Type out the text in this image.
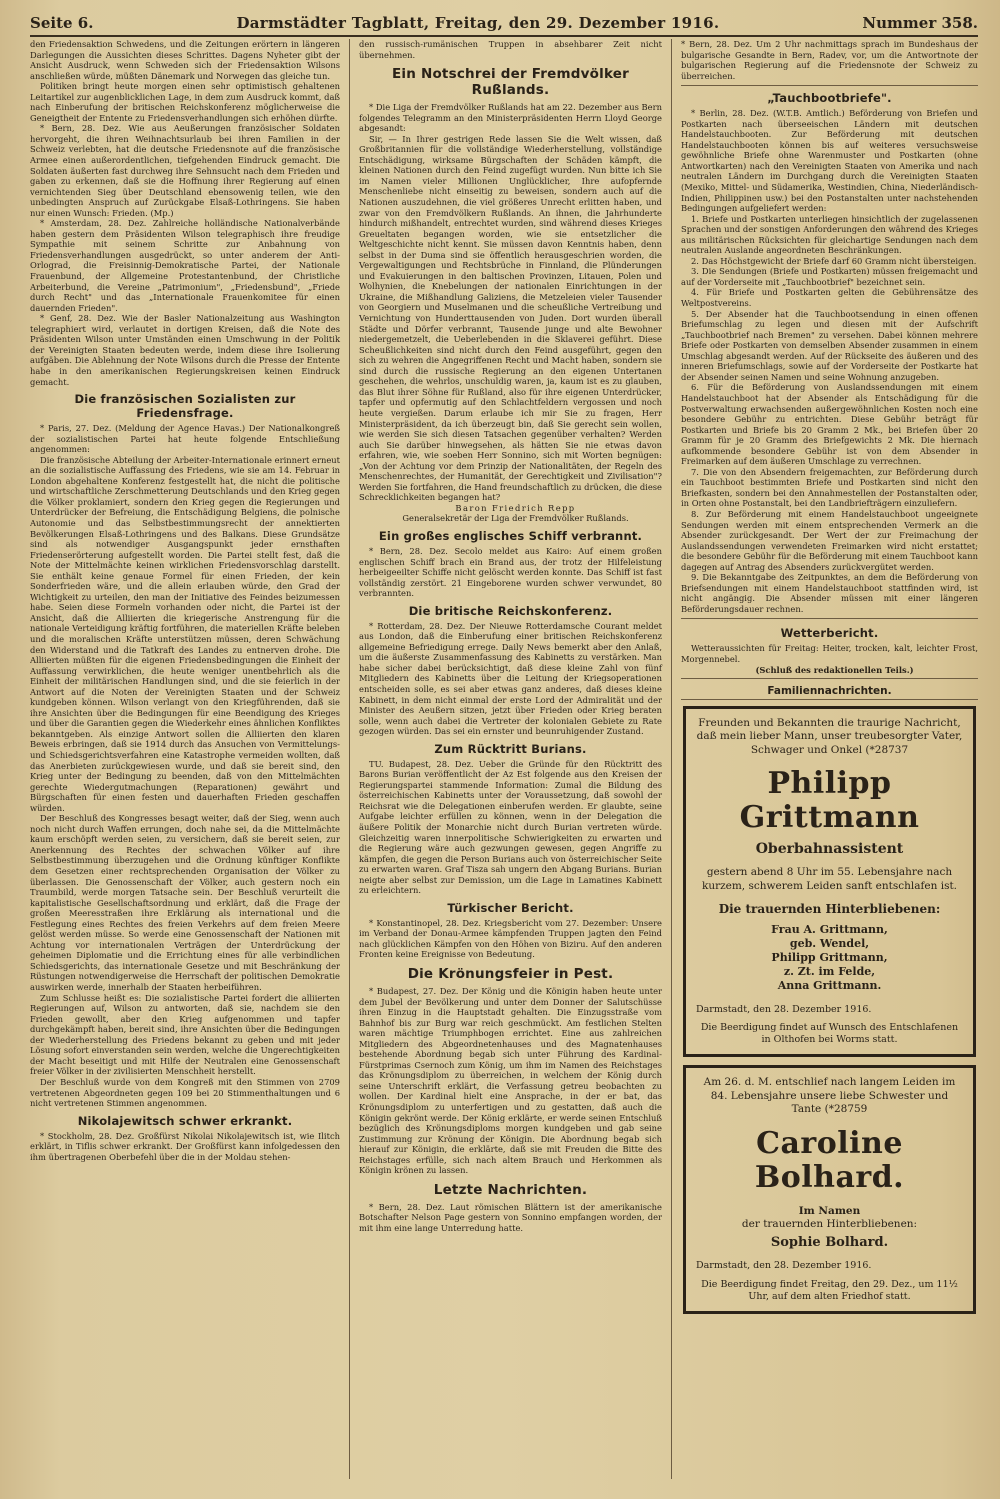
Seite 6.	Darmstädter Tagblatt, Freitag, den 29. Dezember 1916.	Nummer 358.

den Friedensaktion Schwedens, und die Zeitungen erörtern in längeren Darlegungen die Aussichten dieses Schrittes. Dagens Nyheter gibt der Ansicht Ausdruck, wenn Schweden sich der Friedensaktion Wilsons anschließen würde, müßten Dänemark und Norwegen das gleiche tun.

Politiken bringt heute morgen einen sehr optimistisch gehaltenen Leitartikel zur augenblicklichen Lage, in dem zum Ausdruck kommt, daß nach Einberufung der britischen Reichskonferenz möglicherweise die Geneigtheit der Entente zu Friedensverhandlungen sich erhöhen dürfte.

* Bern, 28. Dez. Wie aus Aeußerungen französischer Soldaten hervorgeht, die ihren Weihnachtsurlaub bei ihren Familien in der Schweiz verlebten, hat die deutsche Friedensnote auf die französische Armee einen außerordentlichen, tiefgehenden Eindruck gemacht. Die Soldaten äußerten fast durchweg ihre Sehnsucht nach dem Frieden und gaben zu erkennen, daß sie die Hoffnung ihrer Regierung auf einen vernichtenden Sieg über Deutschland ebensowenig teilen, wie den unbedingten Anspruch auf Zurückgabe Elsaß-Lothringens. Sie haben nur einen Wunsch: Frieden. (Mp.)

* Amsterdam, 28. Dez. Zahlreiche holländische Nationalverbände haben gestern dem Präsidenten Wilson telegraphisch ihre freudige Sympathie mit seinem Schritte zur Anbahnung von Friedensverhandlungen ausgedrückt, so unter anderem der Anti-Orlograd, die Freisinnig-Demokratische Partei, der Nationale Frauenbund, der Allgemeine Protestantenbund, der Christliche Arbeiterbund, die Vereine „Patrimonium", „Friedensbund", „Friede durch Recht" und das „Internationale Frauenkomitee für einen dauernden Frieden".

* Genf, 28. Dez. Wie der Basler Nationalzeitung aus Washington telegraphiert wird, verlautet in dortigen Kreisen, daß die Note des Präsidenten Wilson unter Umständen einen Umschwung in der Politik der Vereinigten Staaten bedeuten werde, indem diese ihre Isolierung aufgäben. Die Ablehnung der Note Wilsons durch die Presse der Entente habe in den amerikanischen Regierungskreisen keinen Eindruck gemacht.

Die französischen Sozialisten zur Friedensfrage.

* Paris, 27. Dez. (Meldung der Agence Havas.) Der Nationalkongreß der sozialistischen Partei hat heute folgende Entschließung angenommen:

Die französische Abteilung der Arbeiter-Internationale erinnert erneut an die sozialistische Auffassung des Friedens, wie sie am 14. Februar in London abgehaltene Konferenz festgestellt hat, die nicht die politische und wirtschaftliche Zerschmetterung Deutschlands und den Krieg gegen die Völker proklamiert, sondern den Krieg gegen die Regierungen und Unterdrücker der Befreiung, die Entschädigung Belgiens, die polnische Autonomie und das Selbstbestimmungsrecht der annektierten Bevölkerungen Elsaß-Lothringens und des Balkans. Diese Grundsätze sind als notwendiger Ausgangspunkt jeder ernsthaften Friedenserörterung aufgestellt worden. Die Partei stellt fest, daß die Note der Mittelmächte keinen wirklichen Friedensvorschlag darstellt. Sie enthält keine genaue Formel für einen Frieden, der kein Sonderfrieden wäre, und die allein erlauben würde, den Grad der Wichtigkeit zu urteilen, den man der Initiative des Feindes beizumessen habe. Seien diese Formeln vorhanden oder nicht, die Partei ist der Ansicht, daß die Alliierten die kriegerische Anstrengung für die nationale Verteidigung kräftig fortführen, die materiellen Kräfte beleben und die moralischen Kräfte unterstützen müssen, deren Schwächung den Widerstand und die Tatkraft des Landes zu entnerven drohe. Die Alliierten müßten für die eigenen Friedensbedingungen die Einheit der Auffassung verwirklichen, die heute weniger unentbehrlich als die Einheit der militärischen Handlungen sind, und die sie feierlich in der Antwort auf die Noten der Vereinigten Staaten und der Schweiz kundgeben können. Wilson verlangt von den Kriegführenden, daß sie ihre Ansichten über die Bedingungen für eine Beendigung des Krieges und über die Garantien gegen die Wiederkehr eines ähnlichen Konfliktes bekanntgeben. Als einzige Antwort sollen die Alliierten den klaren Beweis erbringen, daß sie 1914 durch das Ansuchen von Vermittelungs- und Schiedsgerichtsverfahren eine Katastrophe vermeiden wollten, daß das Anerbieten zurückgewiesen wurde, und daß sie bereit sind, den Krieg unter der Bedingung zu beenden, daß von den Mittelmächten gerechte Wiedergutmachungen (Reparationen) gewährt und Bürgschaften für einen festen und dauerhaften Frieden geschaffen würden.

Der Beschluß des Kongresses besagt weiter, daß der Sieg, wenn auch noch nicht durch Waffen errungen, doch nahe sei, da die Mittelmächte kaum erschöpft werden seien, zu versichern, daß sie bereit seien, zur Anerkennung des Rechtes der schwachen Völker auf ihre Selbstbestimmung überzugehen und die Ordnung künftiger Konflikte dem Gesetzen einer rechtsprechenden Organisation der Völker zu überlassen. Die Genossenschaft der Völker, auch gestern noch ein Traumbild, werde morgen Tatsache sein. Der Beschluß verurteilt die kapitalistische Gesellschaftsordnung und erklärt, daß die Frage der großen Meeresstraßen ihre Erklärung als international und die Festlegung eines Rechtes des freien Verkehrs auf dem freien Meere gelöst werden müsse. So werde eine Genossenschaft der Nationen mit Achtung vor internationalen Verträgen der Unterdrückung der geheimen Diplomatie und die Errichtung eines für alle verbindlichen Schiedsgerichts, das internationale Gesetze und mit Beschränkung der Rüstungen notwendigerweise die Herrschaft der politischen Demokratie auswirken werde, innerhalb der Staaten herbeiführen.

Zum Schlusse heißt es: Die sozialistische Partei fordert die alliierten Regierungen auf, Wilson zu antworten, daß sie, nachdem sie den Frieden gewollt, aber den Krieg aufgenommen und tapfer durchgekämpft haben, bereit sind, ihre Ansichten über die Bedingungen der Wiederherstellung des Friedens bekannt zu geben und mit jeder Lösung sofort einverstanden sein werden, welche die Ungerechtigkeiten der Macht beseitigt und mit Hilfe der Neutralen eine Genossenschaft freier Völker in der zivilisierten Menschheit herstellt.

Der Beschluß wurde von dem Kongreß mit den Stimmen von 2709 vertretenen Abgeordneten gegen 109 bei 20 Stimmenthaltungen und 6 nicht vertretenen Stimmen angenommen.

Nikolajewitsch schwer erkrankt.

* Stockholm, 28. Dez. Großfürst Nikolai Nikolajewitsch ist, wie Ilitch erklärt, in Tiflis schwer erkrankt. Der Großfürst kann infolgedessen den ihm übertragenen Oberbefehl über die in der Moldau stehen-

den russisch-rumänischen Truppen in absehbarer Zeit nicht übernehmen.

Ein Notschrei der Fremdvölker Rußlands.

* Die Liga der Fremdvölker Rußlands hat am 22. Dezember aus Bern folgendes Telegramm an den Ministerpräsidenten Herrn Lloyd George abgesandt:

Sir, — In Ihrer gestrigen Rede lassen Sie die Welt wissen, daß Großbritannien für die vollständige Wiederherstellung, vollständige Entschädigung, wirksame Bürgschaften der Schäden kämpft, die kleinen Nationen durch den Feind zugefügt wurden. Nun bitte ich Sie im Namen vieler Millionen Unglücklicher, Ihre aufopfernde Menschenliebe nicht einseitig zu beweisen, sondern auch auf die Nationen auszudehnen, die viel größeres Unrecht erlitten haben, und zwar von den Fremdvölkern Rußlands. An ihnen, die Jahrhunderte hindurch mißhandelt, entrechtet wurden, sind während dieses Krieges Greueltaten begangen worden, wie sie entsetzlicher die Weltgeschichte nicht kennt. Sie müssen davon Kenntnis haben, denn selbst in der Duma sind sie öffentlich herausgeschrien worden, die Vergewaltigungen und Rechtsbrüche in Finnland, die Plünderungen und Evakuierungen in den baltischen Provinzen, Litauen, Polen und Wolhynien, die Knebelungen der nationalen Einrichtungen in der Ukraine, die Mißhandlung Galiziens, die Metzeleien vieler Tausender von Georgiern und Muselmanen und die scheußliche Vertreibung und Vernichtung von Hunderttausenden von Juden. Dort wurden überall Städte und Dörfer verbrannt, Tausende junge und alte Bewohner niedergemetzelt, die Ueberlebenden in die Sklaverei geführt. Diese Scheußlichkeiten sind nicht durch den Feind ausgeführt, gegen den sich zu wehren die Angegriffenen Recht und Macht haben, sondern sie sind durch die russische Regierung an den eigenen Untertanen geschehen, die wehrlos, unschuldig waren, ja, kaum ist es zu glauben, das Blut ihrer Söhne für Rußland, also für ihre eigenen Unterdrücker, tapfer und opfermutig auf den Schlachtfeldern vergossen und noch heute vergießen. Darum erlaube ich mir Sie zu fragen, Herr Ministerpräsident, da ich überzeugt bin, daß Sie gerecht sein wollen, wie werden Sie sich diesen Tatsachen gegenüber verhalten? Werden auch Sie darüber hinwegsehen, als hätten Sie nie etwas davon erfahren, wie, wie soeben Herr Sonnino, sich mit Worten begnügen: „Von der Achtung vor dem Prinzip der Nationalitäten, der Regeln des Menschenrechtes, der Humanität, der Gerechtigkeit und Zivilisation"? Werden Sie fortfahren, die Hand freundschaftlich zu drücken, die diese Schrecklichkeiten begangen hat?

Baron Friedrich Repp

Generalsekretär der Liga der Fremdvölker Rußlands.

Ein großes englisches Schiff verbrannt.

* Bern, 28. Dez. Secolo meldet aus Kairo: Auf einem großen englischen Schiff brach ein Brand aus, der trotz der Hilfeleistung herbeigeeilter Schiffe nicht gelöscht werden konnte. Das Schiff ist fast vollständig zerstört. 21 Eingeborene wurden schwer verwundet, 80 verbrannten.

Die britische Reichskonferenz.

* Rotterdam, 28. Dez. Der Nieuwe Rotterdamsche Courant meldet aus London, daß die Einberufung einer britischen Reichskonferenz allgemeine Befriedigung errege. Daily News bemerkt aber den Anlaß, um die äußerste Zusammenfassung des Kabinetts zu verstärken. Man habe sicher dabei berücksichtigt, daß diese kleine Zahl von fünf Mitgliedern des Kabinetts über die Leitung der Kriegsoperationen entscheiden solle, es sei aber etwas ganz anderes, daß dieses kleine Kabinett, in dem nicht einmal der erste Lord der Admiralität und der Minister des Aeußern sitzen, jetzt über Frieden oder Krieg beraten solle, wenn auch dabei die Vertreter der kolonialen Gebiete zu Rate gezogen würden. Das sei ein ernster und beunruhigender Zustand.

Zum Rücktritt Burians.

TU. Budapest, 28. Dez. Ueber die Gründe für den Rücktritt des Barons Burian veröffentlicht der Az Est folgende aus den Kreisen der Regierungspartei stammende Information: Zumal die Bildung des österreichischen Kabinetts unter der Voraussetzung, daß sowohl der Reichsrat wie die Delegationen einberufen werden. Er glaubte, seine Aufgabe leichter erfüllen zu können, wenn in der Delegation die äußere Politik der Monarchie nicht durch Burian vertreten würde. Gleichzeitig waren innerpolitische Schwierigkeiten zu erwarten und die Regierung wäre auch gezwungen gewesen, gegen Angriffe zu kämpfen, die gegen die Person Burians auch von österreichischer Seite zu erwarten waren. Graf Tisza sah ungern den Abgang Burians. Burian neigte aber selbst zur Demission, um die Lage in Lamatines Kabinett zu erleichtern.

Türkischer Bericht.

* Konstantinopel, 28. Dez. Kriegsbericht vom 27. Dezember: Unsere im Verband der Donau-Armee kämpfenden Truppen jagten den Feind nach glücklichen Kämpfen von den Höhen von Biziru. Auf den anderen Fronten keine Ereignisse von Bedeutung.

Die Krönungsfeier in Pest.

* Budapest, 27. Dez. Der König und die Königin haben heute unter dem Jubel der Bevölkerung und unter dem Donner der Salutschüsse ihren Einzug in die Hauptstadt gehalten. Die Einzugsstraße vom Bahnhof bis zur Burg war reich geschmückt. Am festlichen Stelten waren mächtige Triumphbogen errichtet. Eine aus zahlreichen Mitgliedern des Abgeordnetenhauses und des Magnatenhauses bestehende Abordnung begab sich unter Führung des Kardinal-Fürstprimas Csernoch zum König, um ihm im Namen des Reichstages das Krönungsdiplom zu überreichen, in welchem der König durch seine Unterschrift erklärt, die Verfassung getreu beobachten zu wollen. Der Kardinal hielt eine Ansprache, in der er bat, das Krönungsdiplom zu unterfertigen und zu gestatten, daß auch die Königin gekrönt werde. Der König erklärte, er werde seinen Entschluß bezüglich des Krönungsdiploms morgen kundgeben und gab seine Zustimmung zur Krönung der Königin. Die Abordnung begab sich hierauf zur Königin, die erklärte, daß sie mit Freuden die Bitte des Reichstages erfülle, sich nach altem Brauch und Herkommen als Königin krönen zu lassen.

Letzte Nachrichten.

* Bern, 28. Dez. Laut römischen Blättern ist der amerikanische Botschafter Nelson Page gestern von Sonnino empfangen worden, der mit ihm eine lange Unterredung hatte.

* Bern, 28. Dez. Um 2 Uhr nachmittags sprach im Bundeshaus der bulgarische Gesandte in Bern, Radev, vor, um die Antwortnote der bulgarischen Regierung auf die Friedensnote der Schweiz zu überreichen.

„Tauchbootbriefe".

* Berlin, 28. Dez. (W.T.B. Amtlich.) Beförderung von Briefen und Postkarten nach überseeischen Ländern mit deutschen Handelstauchbooten. Zur Beförderung mit deutschen Handelstauchbooten können bis auf weiteres versuchsweise gewöhnliche Briefe ohne Warenmuster und Postkarten (ohne Antwortkarten) nach den Vereinigten Staaten von Amerika und nach neutralen Ländern im Durchgang durch die Vereinigten Staaten (Mexiko, Mittel- und Südamerika, Westindien, China, Niederländisch-Indien, Philippinen usw.) bei den Postanstalten unter nachstehenden Bedingungen aufgeliefert werden:

1. Briefe und Postkarten unterliegen hinsichtlich der zugelassenen Sprachen und der sonstigen Anforderungen den während des Krieges aus militärischen Rücksichten für gleichartige Sendungen nach dem neutralen Auslande angeordneten Beschränkungen.

2. Das Höchstgewicht der Briefe darf 60 Gramm nicht übersteigen.

3. Die Sendungen (Briefe und Postkarten) müssen freigemacht und auf der Vorderseite mit „Tauchbootbrief" bezeichnet sein.

4. Für Briefe und Postkarten gelten die Gebührensätze des Weltpostvereins.

5. Der Absender hat die Tauchbootsendung in einen offenen Briefumschlag zu legen und diesen mit der Aufschrift „Tauchbootbrief nach Bremen" zu versehen. Dabei können mehrere Briefe oder Postkarten von demselben Absender zusammen in einem Umschlag abgesandt werden. Auf der Rückseite des äußeren und des inneren Briefumschlags, sowie auf der Vorderseite der Postkarte hat der Absender seinen Namen und seine Wohnung anzugeben.

6. Für die Beförderung von Auslandssendungen mit einem Handelstauchboot hat der Absender als Entschädigung für die Postverwaltung erwachsenden außergewöhnlichen Kosten noch eine besondere Gebühr zu entrichten. Diese Gebühr beträgt für Postkarten und Briefe bis 20 Gramm 2 Mk., bei Briefen über 20 Gramm für je 20 Gramm des Briefgewichts 2 Mk. Die hiernach aufkommende besondere Gebühr ist von dem Absender in Freimarken auf dem äußeren Umschlage zu verrechnen.

7. Die von den Absendern freigemachten, zur Beförderung durch ein Tauchboot bestimmten Briefe und Postkarten sind nicht den Briefkasten, sondern bei den Annahmestellen der Postanstalten oder, in Orten ohne Postanstalt, bei den Landbriefträgern einzuliefern.

8. Zur Beförderung mit einem Handelstauchboot ungeeignete Sendungen werden mit einem entsprechenden Vermerk an die Absender zurückgesandt. Der Wert der zur Freimachung der Auslandssendungen verwendeten Freimarken wird nicht erstattet; die besondere Gebühr für die Beförderung mit einem Tauchboot kann dagegen auf Antrag des Absenders zurückvergütet werden.

9. Die Bekanntgabe des Zeitpunktes, an dem die Beförderung von Briefsendungen mit einem Handelstauchboot stattfinden wird, ist nicht angängig. Die Absender müssen mit einer längeren Beförderungsdauer rechnen.

Wetterbericht.

Wetteraussichten für Freitag: Heiter, trocken, kalt, leichter Frost, Morgennebel.

(Schluß des redaktionellen Teils.)

Familiennachrichten.

Freunden und Bekannten die traurige Nachricht, daß mein lieber Mann, unser treubesorgter Vater, Schwager und Onkel (*28737

Philipp Grittmann
Oberbahnassistent
gestern abend 8 Uhr im 55. Lebensjahre nach kurzem, schwerem Leiden sanft entschlafen ist.
Die trauernden Hinterbliebenen:
Frau A. Grittmann,
geb. Wendel,
Philipp Grittmann,
z. Zt. im Felde,
Anna Grittmann.
Darmstadt, den 28. Dezember 1916.
Die Beerdigung findet auf Wunsch des Entschlafenen in Olthofen bei Worms statt.

Am 26. d. M. entschlief nach langem Leiden im 84. Lebensjahre unsere liebe Schwester und Tante (*28759

Caroline Bolhard.
Im Namen
der trauernden Hinterbliebenen:
Sophie Bolhard.
Darmstadt, den 28. Dezember 1916.
Die Beerdigung findet Freitag, den 29. Dez., um 11½ Uhr, auf dem alten Friedhof statt.
